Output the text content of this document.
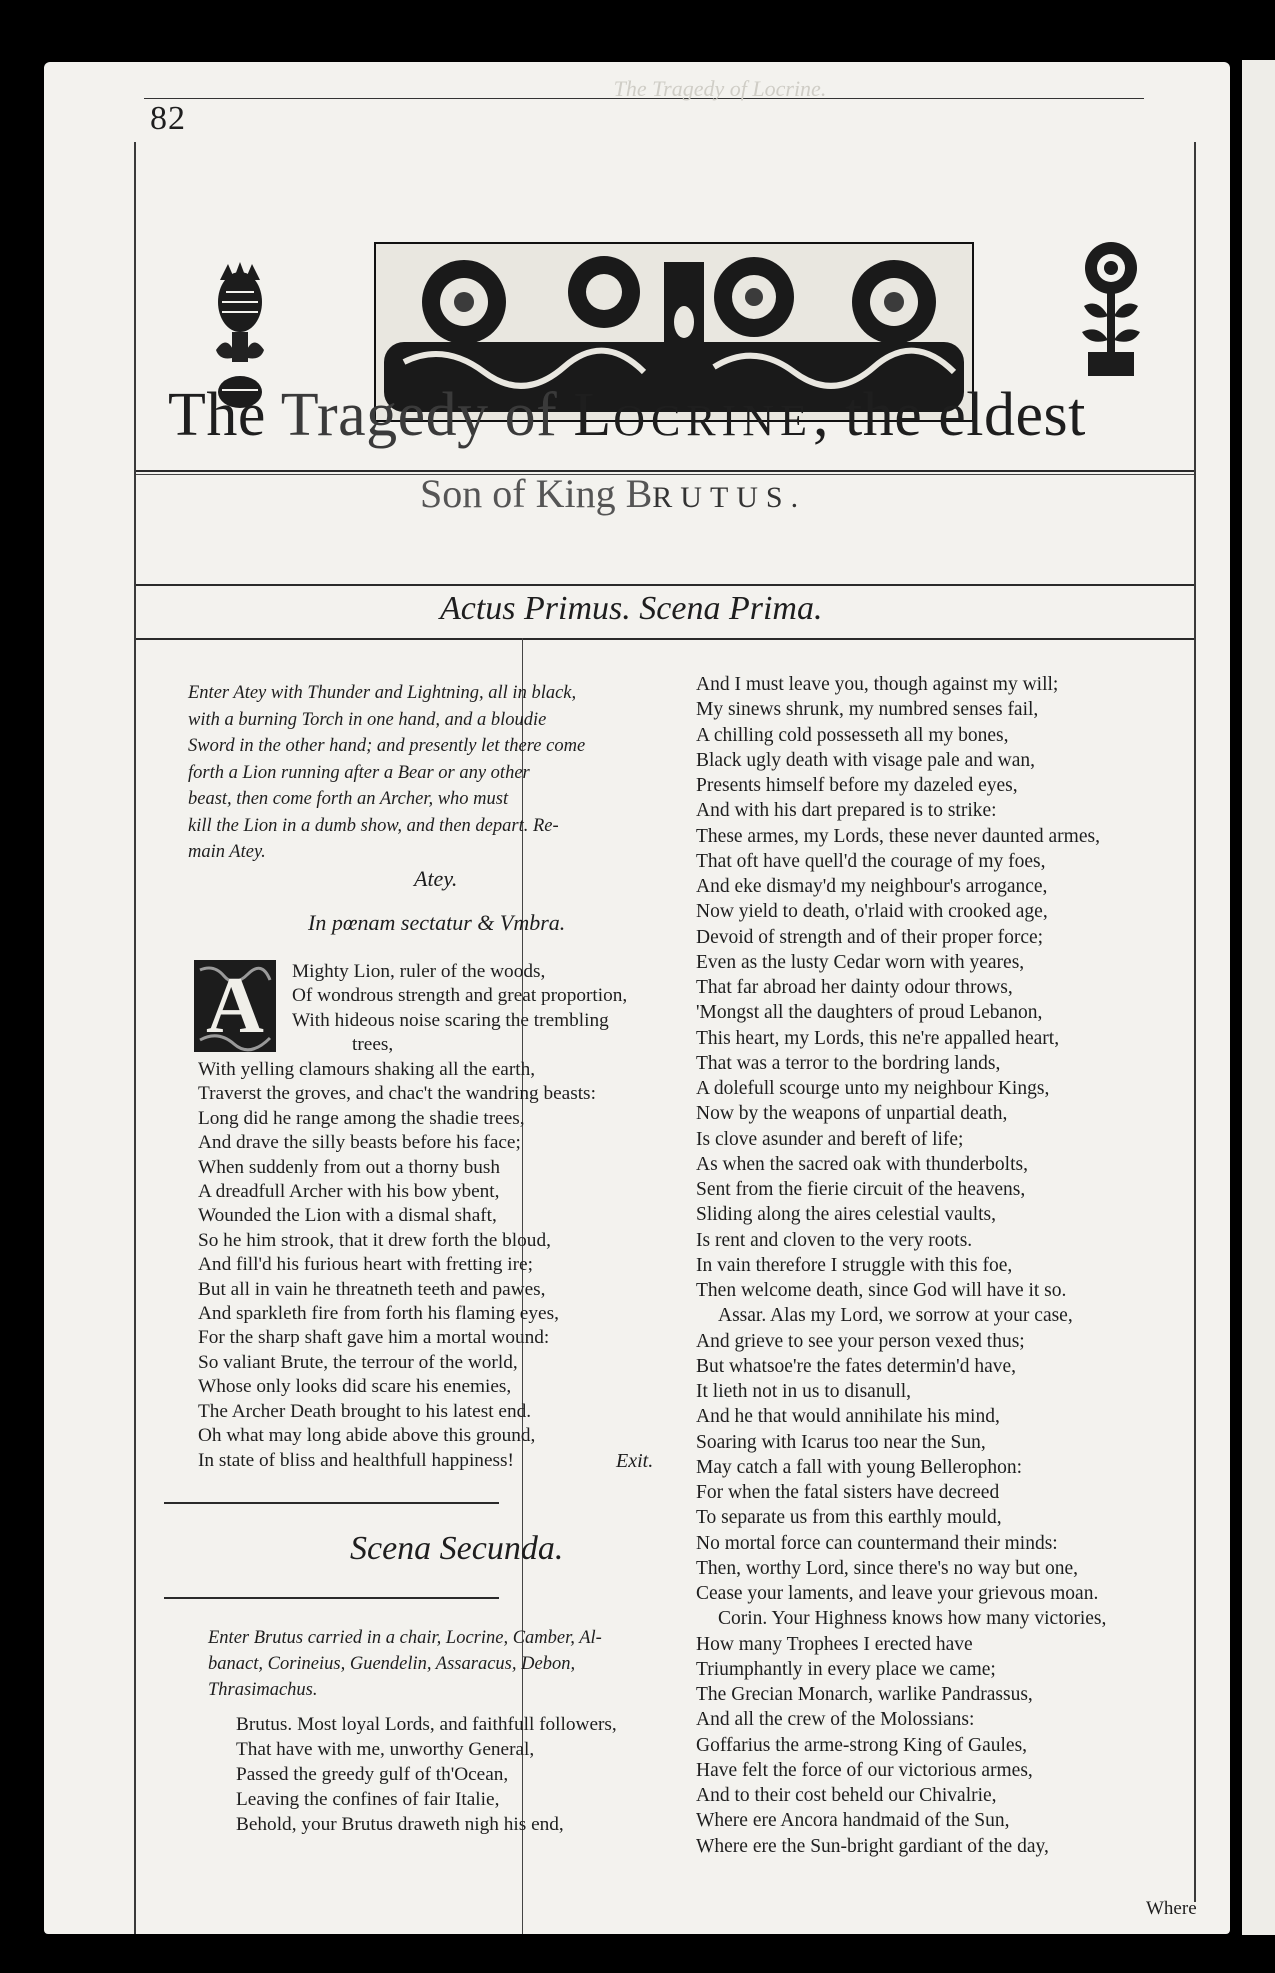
82
The Tragedy of Locrine.
The Tragedy of LOCRINE, the eldest
Son of King BRUTUS.
Actus Primus. Scena Prima.
Enter Atey with Thunder and Lightning, all in black,
with a burning Torch in one hand, and a bloudie
Sword in the other hand; and presently let there come
forth a Lion running after a Bear or any other
beast, then come forth an Archer, who must
kill the Lion in a dumb show, and then depart. Re-
main Atey.
Atey.
In pœnam sectatur & Vmbra.
A Mighty Lion, ruler of the woods,
Of wondrous strength and great proportion,
With hideous noise scaring the trembling
trees,
With yelling clamours shaking all the earth,
Traverst the groves, and chac't the wandring beasts:
Long did he range among the shadie trees,
And drave the silly beasts before his face;
When suddenly from out a thorny bush
A dreadfull Archer with his bow ybent,
Wounded the Lion with a dismal shaft,
So he him strook, that it drew forth the bloud,
And fill'd his furious heart with fretting ire;
But all in vain he threatneth teeth and pawes,
And sparkleth fire from forth his flaming eyes,
For the sharp shaft gave him a mortal wound:
So valiant Brute, the terrour of the world,
Whose only looks did scare his enemies,
The Archer Death brought to his latest end.
Oh what may long abide above this ground,
In state of bliss and healthfull happiness!	Exit.
Scena Secunda.
Enter Brutus carried in a chair, Locrine, Camber, Al-
banact, Corineius, Guendelin, Assaracus, Debon,
Thrasimachus.
Brutus. Most loyal Lords, and faithfull followers,
That have with me, unworthy General,
Passed the greedy gulf of th'Ocean,
Leaving the confines of fair Italie,
Behold, your Brutus draweth nigh his end,
And I must leave you, though against my will;
My sinews shrunk, my numbred senses fail,
A chilling cold possesseth all my bones,
Black ugly death with visage pale and wan,
Presents himself before my dazeled eyes,
And with his dart prepared is to strike:
These armes, my Lords, these never daunted armes,
That oft have quell'd the courage of my foes,
And eke dismay'd my neighbour's arrogance,
Now yield to death, o'rlaid with crooked age,
Devoid of strength and of their proper force;
Even as the lusty Cedar worn with yeares,
That far abroad her dainty odour throws,
'Mongst all the daughters of proud Lebanon,
This heart, my Lords, this ne're appalled heart,
That was a terror to the bordring lands,
A dolefull scourge unto my neighbour Kings,
Now by the weapons of unpartial death,
Is clove asunder and bereft of life;
As when the sacred oak with thunderbolts,
Sent from the fierie circuit of the heavens,
Sliding along the aires celestial vaults,
Is rent and cloven to the very roots.
In vain therefore I struggle with this foe,
Then welcome death, since God will have it so.
Assar. Alas my Lord, we sorrow at your case,
And grieve to see your person vexed thus;
But whatsoe're the fates determin'd have,
It lieth not in us to disanull,
And he that would annihilate his mind,
Soaring with Icarus too near the Sun,
May catch a fall with young Bellerophon:
For when the fatal sisters have decreed
To separate us from this earthly mould,
No mortal force can countermand their minds:
Then, worthy Lord, since there's no way but one,
Cease your laments, and leave your grievous moan.
Corin. Your Highness knows how many victories,
How many Trophees I erected have
Triumphantly in every place we came;
The Grecian Monarch, warlike Pandrassus,
And all the crew of the Molossians:
Goffarius the arme-strong King of Gaules,
Have felt the force of our victorious armes,
And to their cost beheld our Chivalrie,
Where ere Ancora handmaid of the Sun,
Where ere the Sun-bright gardiant of the day,
Where
